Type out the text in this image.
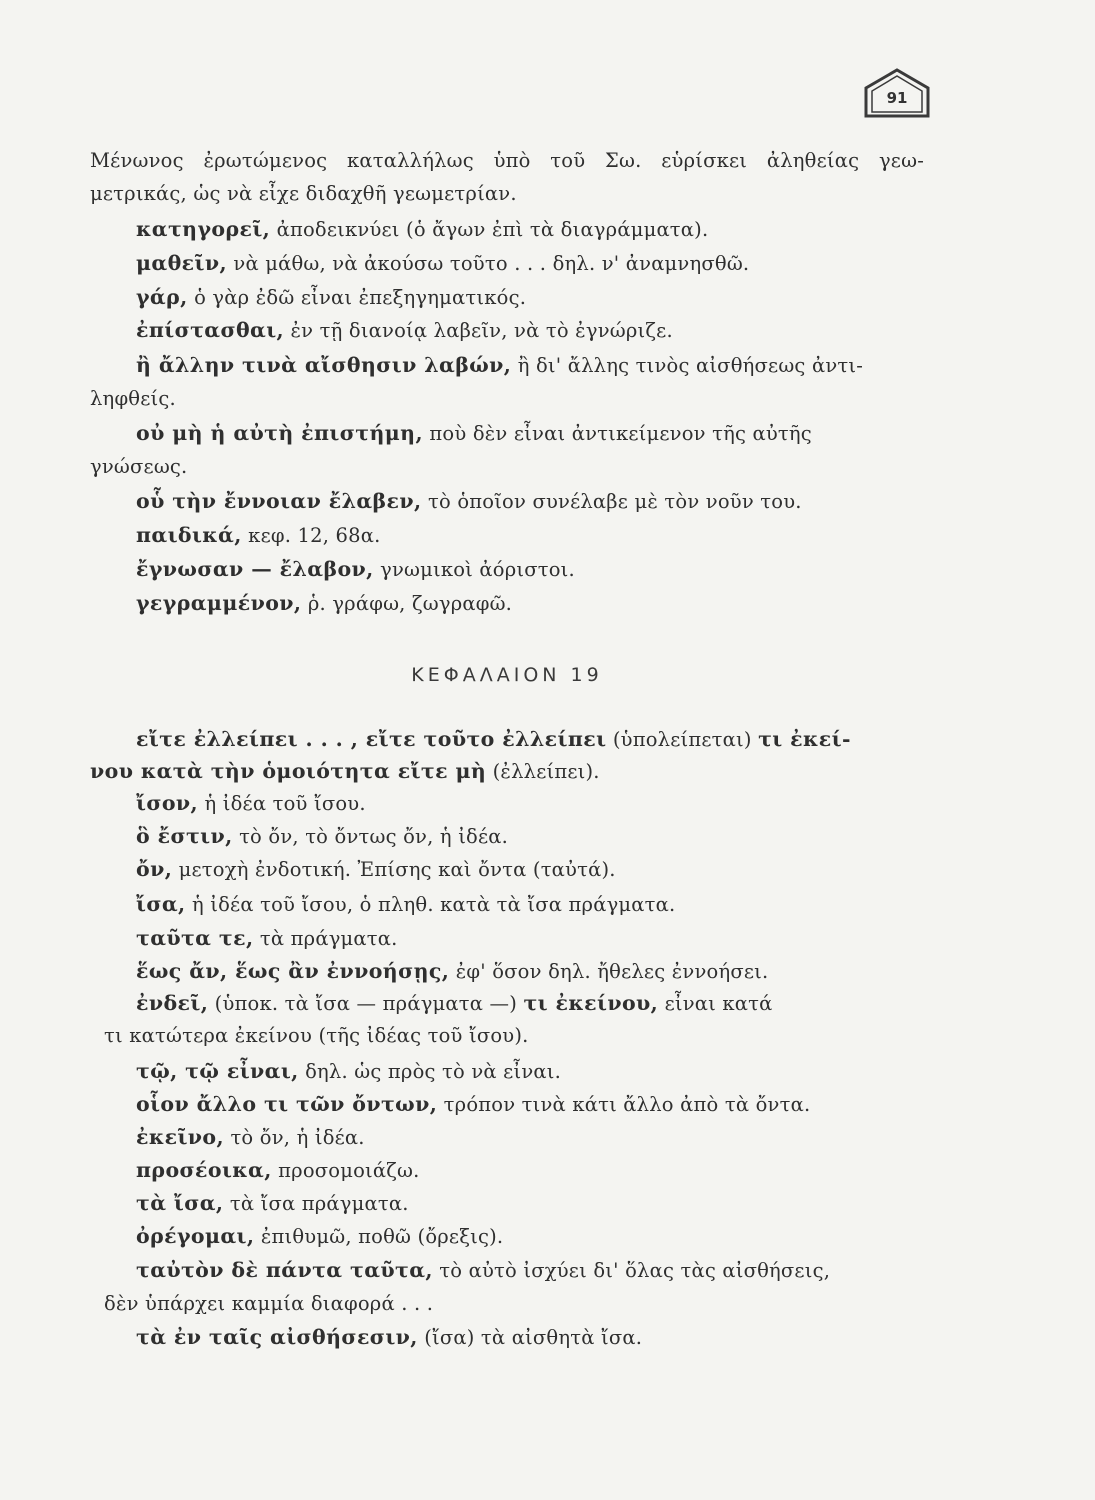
91
Μένωνος ἐρωτώμενος καταλλήλως ὑπὸ τοῦ Σω. εὑρίσκει ἀληθείας γεω-
μετρικάς, ὡς νὰ εἶχε διδαχθῆ γεωμετρίαν.
κατηγορεῖ, ἀποδεικνύει (ὁ ἄγων ἐπὶ τὰ διαγράμματα).
μαθεῖν, νὰ μάθω, νὰ ἀκούσω τοῦτο . . . δηλ. ν' ἀναμνησθῶ.
γάρ, ὁ γὰρ ἐδῶ εἶναι ἐπεξηγηματικός.
ἐπίστασθαι, ἐν τῇ διανοίᾳ λαβεῖν, νὰ τὸ ἐγνώριζε.
ἢ ἄλλην τινὰ αἴσθησιν λαβών, ἢ δι' ἄλλης τινὸς αἰσθήσεως ἀντι-
ληφθείς.
οὐ μὴ ἡ αὐτὴ ἐπιστήμη, ποὺ δὲν εἶναι ἀντικείμενον τῆς αὐτῆς
γνώσεως.
οὗ τὴν ἔννοιαν ἔλαβεν, τὸ ὁποῖον συνέλαβε μὲ τὸν νοῦν του.
παιδικά, κεφ. 12, 68α.
ἔγνωσαν — ἔλαβον, γνωμικοὶ ἀόριστοι.
γεγραμμένον, ῥ. γράφω, ζωγραφῶ.
ΚΕΦΑΛΑΙΟΝ 19
εἴτε ἐλλείπει . . . , εἴτε τοῦτο ἐλλείπει (ὑπολείπεται) τι ἐκεί-
νου κατὰ τὴν ὁμοιότητα εἴτε μὴ (ἐλλείπει).
ἴσον, ἡ ἰδέα τοῦ ἴσου.
ὃ ἔστιν, τὸ ὄν, τὸ ὄντως ὄν, ἡ ἰδέα.
ὄν, μετοχὴ ἐνδοτική. Ἐπίσης καὶ ὄντα (ταὐτά).
ἴσα, ἡ ἰδέα τοῦ ἴσου, ὁ πληθ. κατὰ τὰ ἴσα πράγματα.
ταῦτα τε, τὰ πράγματα.
ἕως ἄν, ἕως ἂν ἐννοήσῃς, ἐφ' ὅσον δηλ. ἤθελες ἐννοήσει.
ἐνδεῖ, (ὑποκ. τὰ ἴσα — πράγματα —) τι ἐκείνου, εἶναι κατά
τι κατώτερα ἐκείνου (τῆς ἰδέας τοῦ ἴσου).
τῷ, τῷ εἶναι, δηλ. ὡς πρὸς τὸ νὰ εἶναι.
οἷον ἄλλο τι τῶν ὄντων, τρόπον τινὰ κάτι ἄλλο ἀπὸ τὰ ὄντα.
ἐκεῖνο, τὸ ὄν, ἡ ἰδέα.
προσέοικα, προσομοιάζω.
τὰ ἴσα, τὰ ἴσα πράγματα.
ὀρέγομαι, ἐπιθυμῶ, ποθῶ (ὄρεξις).
ταὐτὸν δὲ πάντα ταῦτα, τὸ αὐτὸ ἰσχύει δι' ὅλας τὰς αἰσθήσεις,
δὲν ὑπάρχει καμμία διαφορά . . .
τὰ ἐν ταῖς αἰσθήσεσιν, (ἴσα) τὰ αἰσθητὰ ἴσα.
